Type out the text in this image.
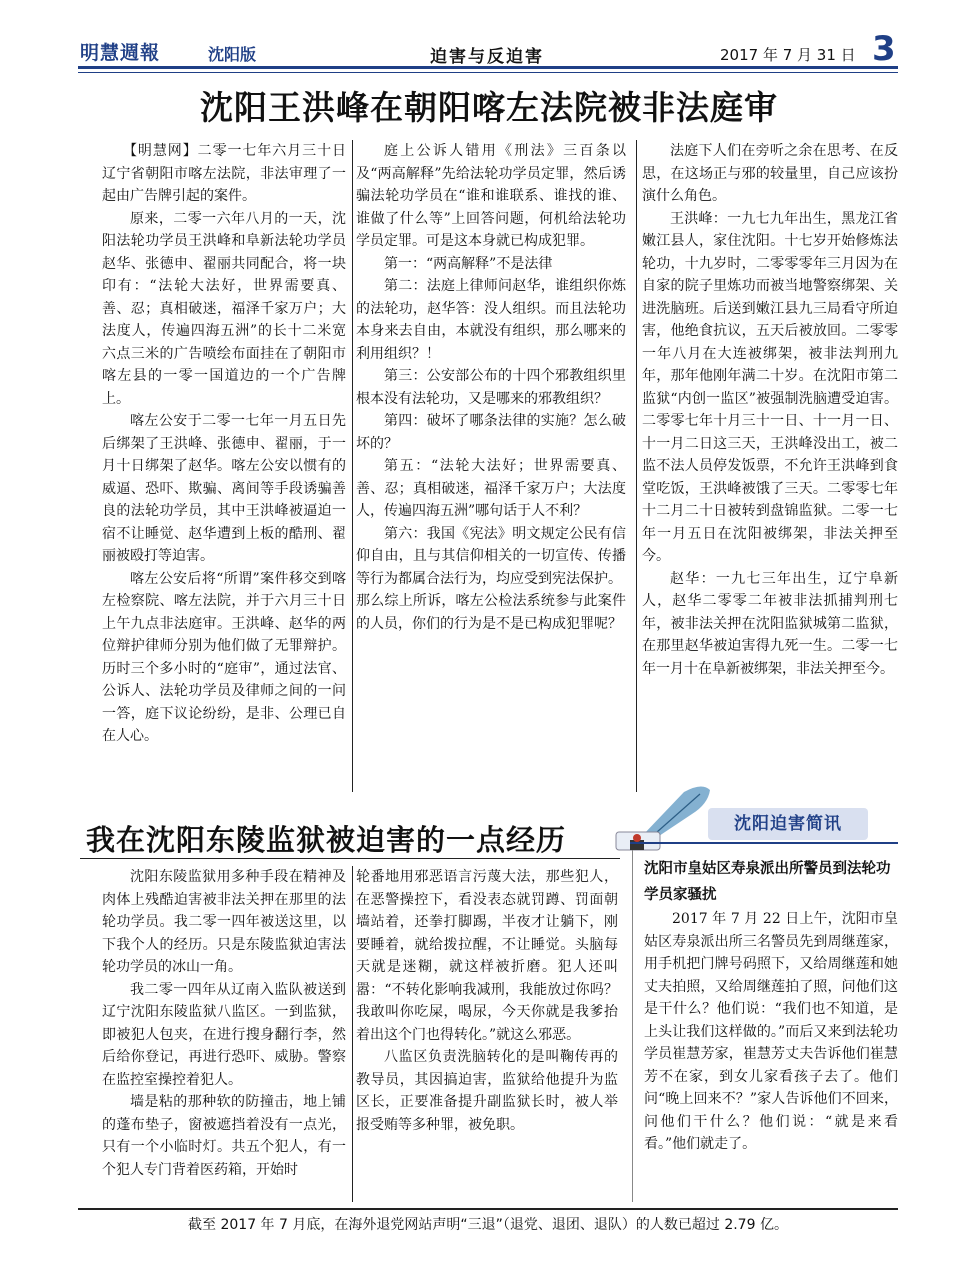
明慧週報	沈阳版	迫害与反迫害	2017 年 7 月 31 日 3
沈阳王洪峰在朝阳喀左法院被非法庭审

【明慧网】二零一七年六月三十日辽宁省朝阳市喀左法院，非法审理了一起由广告牌引起的案件。

原来，二零一六年八月的一天，沈阳法轮功学员王洪峰和阜新法轮功学员赵华、张德申、翟丽共同配合，将一块印有：“法轮大法好，世界需要真、善、忍；真相破迷，福泽千家万户；大法度人，传遍四海五洲”的长十二米宽六点三米的广告喷绘布面挂在了朝阳市喀左县的一零一国道边的一个广告牌上。

喀左公安于二零一七年一月五日先后绑架了王洪峰、张德申、翟丽，于一月十日绑架了赵华。喀左公安以惯有的威逼、恐吓、欺骗、离间等手段诱骗善良的法轮功学员，其中王洪峰被逼迫一宿不让睡觉、赵华遭到上板的酷刑、翟丽被殴打等迫害。

喀左公安后将“所谓”案件移交到喀左检察院、喀左法院，并于六月三十日上午九点非法庭审。王洪峰、赵华的两位辩护律师分别为他们做了无罪辩护。历时三个多小时的“庭审”，通过法官、公诉人、法轮功学员及律师之间的一问一答，庭下议论纷纷，是非、公理已自在人心。

庭上公诉人错用《刑法》三百条以及“两高解释”先给法轮功学员定罪，然后诱骗法轮功学员在“谁和谁联系、谁找的谁、谁做了什么等”上回答问题，何机给法轮功学员定罪。可是这本身就已构成犯罪。

第一：“两高解释”不是法律

第二：法庭上律师问赵华，谁组织你炼的法轮功，赵华答：没人组织。而且法轮功本身来去自由，本就没有组织，那么哪来的利用组织？！

第三：公安部公布的十四个邪教组织里根本没有法轮功，又是哪来的邪教组织？

第四：破坏了哪条法律的实施？怎么破坏的？

第五：“法轮大法好；世界需要真、善、忍；真相破迷，福泽千家万户；大法度人，传遍四海五洲”哪句话于人不利？

第六：我国《宪法》明文规定公民有信仰自由，且与其信仰相关的一切宣传、传播等行为都属合法行为，均应受到宪法保护。

那么综上所诉，喀左公检法系统参与此案件的人员，你们的行为是不是已构成犯罪呢？

法庭下人们在旁听之余在思考、在反思，在这场正与邪的较量里，自己应该扮演什么角色。

王洪峰：一九七九年出生，黑龙江省嫩江县人，家住沈阳。十七岁开始修炼法轮功，十九岁时，二零零零年三月因为在自家的院子里炼功而被当地警察绑架、关进洗脑班。后送到嫩江县九三局看守所迫害，他绝食抗议，五天后被放回。二零零一年八月在大连被绑架，被非法判刑九年，那年他刚年满二十岁。在沈阳市第二监狱“内创一监区”被强制洗脑遭受迫害。二零零七年十月三十一日、十一月一日、十一月二日这三天，王洪峰没出工，被二监不法人员停发饭票，不允许王洪峰到食堂吃饭，王洪峰被饿了三天。二零零七年十二月二十日被转到盘锦监狱。二零一七年一月五日在沈阳被绑架，非法关押至今。

赵华：一九七三年出生，辽宁阜新人，赵华二零零二年被非法抓捕判刑七年，被非法关押在沈阳监狱城第二监狱，在那里赵华被迫害得九死一生。二零一七年一月十在阜新被绑架，非法关押至今。

我在沈阳东陵监狱被迫害的一点经历	沈阳迫害简讯

沈阳东陵监狱用多种手段在精神及肉体上残酷迫害被非法关押在那里的法轮功学员。我二零一四年被送这里，以下我个人的经历。只是东陵监狱迫害法轮功学员的冰山一角。

我二零一四年从辽南入监队被送到辽宁沈阳东陵监狱八监区。一到监狱，即被犯人包夹，在进行搜身翻行李，然后给你登记，再进行恐吓、威胁。警察在监控室操控着犯人。

墙是粘的那种软的防撞击，地上铺的蓬布垫子，窗被遮挡着没有一点光，只有一个小临时灯。共五个犯人，有一个犯人专门背着医药箱，开始时

轮番地用邪恶语言污蔑大法，那些犯人，在恶警操控下，看没表态就罚蹲、罚面朝墙站着，还拳打脚踢，半夜才让躺下，刚要睡着，就给拨拉醒，不让睡觉。头脑每天就是迷糊，就这样被折磨。犯人还叫嚣：“不转化影响我减刑，我能放过你吗？我敢叫你吃屎，喝尿，今天你就是我爹抬着出这个门也得转化。”就这么邪恶。

八监区负责洗脑转化的是叫鞠传再的教导员，其因搞迫害，监狱给他提升为监区长，正要准备提升副监狱长时，被人举报受贿等多种罪，被免职。

沈阳市皇姑区寿泉派出所警员到法轮功学员家骚扰

2017 年 7 月 22 日上午，沈阳市皇姑区寿泉派出所三名警员先到周继莲家，用手机把门牌号码照下，又给周继莲和她丈夫拍照，又给周继莲拍了照，问他们这是干什么？他们说：“我们也不知道，是上头让我们这样做的。”而后又来到法轮功学员崔慧芳家，崔慧芳丈夫告诉他们崔慧芳不在家，到女儿家看孩子去了。他们问“晚上回来不？”家人告诉他们不回来，问他们干什么？他们说：“就是来看看。”他们就走了。

截至 2017 年 7 月底，在海外退党网站声明“三退”（退党、退团、退队）的人数已超过 2.79 亿。
